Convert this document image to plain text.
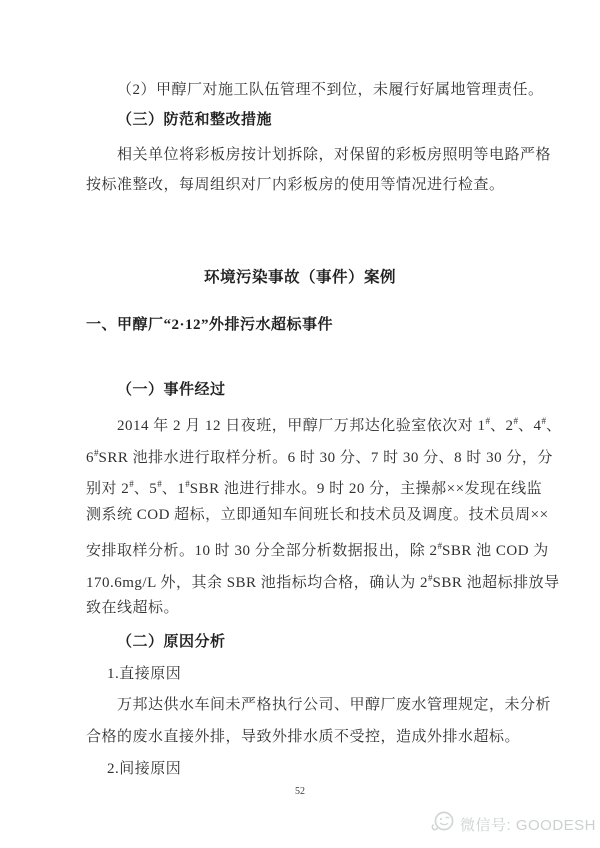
（2）甲醇厂对施工队伍管理不到位，未履行好属地管理责任。
（三）防范和整改措施
相关单位将彩板房按计划拆除，对保留的彩板房照明等电路严格
按标准整改，每周组织对厂内彩板房的使用等情况进行检查。
环境污染事故（事件）案例
一、甲醇厂“2·12”外排污水超标事件
（一）事件经过
2014 年 2 月 12 日夜班，甲醇厂万邦达化验室依次对 1#、2#、4#、
6#SRR 池排水进行取样分析。6 时 30 分、7 时 30 分、8 时 30 分，分
别对 2#、5#、1#SBR 池进行排水。9 时 20 分，主操郝××发现在线监
测系统 COD 超标，立即通知车间班长和技术员及调度。技术员周××
安排取样分析。10 时 30 分全部分析数据报出，除 2#SBR 池 COD 为
170.6mg/L 外，其余 SBR 池指标均合格，确认为 2#SBR 池超标排放导
致在线超标。
（二）原因分析
1.直接原因
万邦达供水车间未严格执行公司、甲醇厂废水管理规定，未分析
合格的废水直接外排，导致外排水质不受控，造成外排水超标。
2.间接原因
52
微信号: GOODESH
